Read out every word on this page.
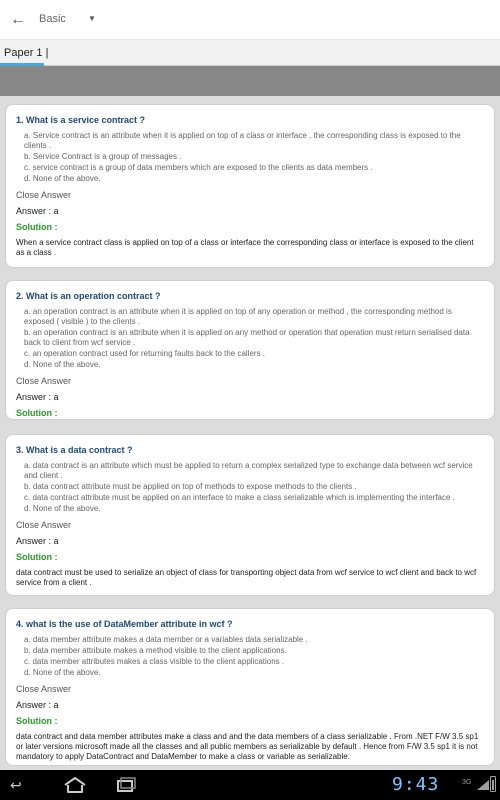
←	Basic	▼
Paper 1 |
1. What is a service contract ?
a. Service contract is an attribute when it is applied on top of a class or interface , the corresponding class is exposed to the clients .
b. Service Contract is a group of messages .
c. service contract is a group of data members which are exposed to the clients as data members .
d. None of the above.
Close Answer
Answer : a
Solution :
When a service contract class is applied on top of a class or interface the corresponding class or interface is exposed to the client as a class .
2. What is an operation contract ?
a. an operation contract is an attribute when it is applied on top of any operation or method , the corresponding method is exposed ( visible ) to the clients .
b. an operation contract is an attribute when it is applied on any method or operation that operation must return serialised data back to client from wcf service .
c. an operation contract used for returning faults back to the callers .
d. None of the above.
Close Answer
Answer : a
Solution :
3. What is a data contract ?
a. data contract is an attribute which must be applied to return a complex serialized type to exchange data between wcf service and client .
b. data contract attribute must be applied on top of methods to expose methods to the clients .
c. data contract attribute must be applied on an interface to make a class serializable which is implementing the interface .
d. None of the above.
Close Answer
Answer : a
Solution :
data contract must be used to serialize an object of class for transporting object data from wcf service to wcf client and back to wcf service from a client .
4. what is the use of DataMember attribute in wcf ?
a. data member attribute makes a data member or a variables data serializable .
b. data member attribute makes a method visible to the client applications.
c. data member attributes makes a class visible to the client applications .
d. None of the above.
Close Answer
Answer : a
Solution :
data contract and data member attributes make a class and and the data members of a class serializable . From .NET F/W 3.5 sp1 or later versions microsoft made all the classes and all public members as serializable by default . Hence from F/W 3.5 sp1 it is not mandatory to apply DataContract and DataMember to make a class or variable as serializable.
↩	9:43	3G
